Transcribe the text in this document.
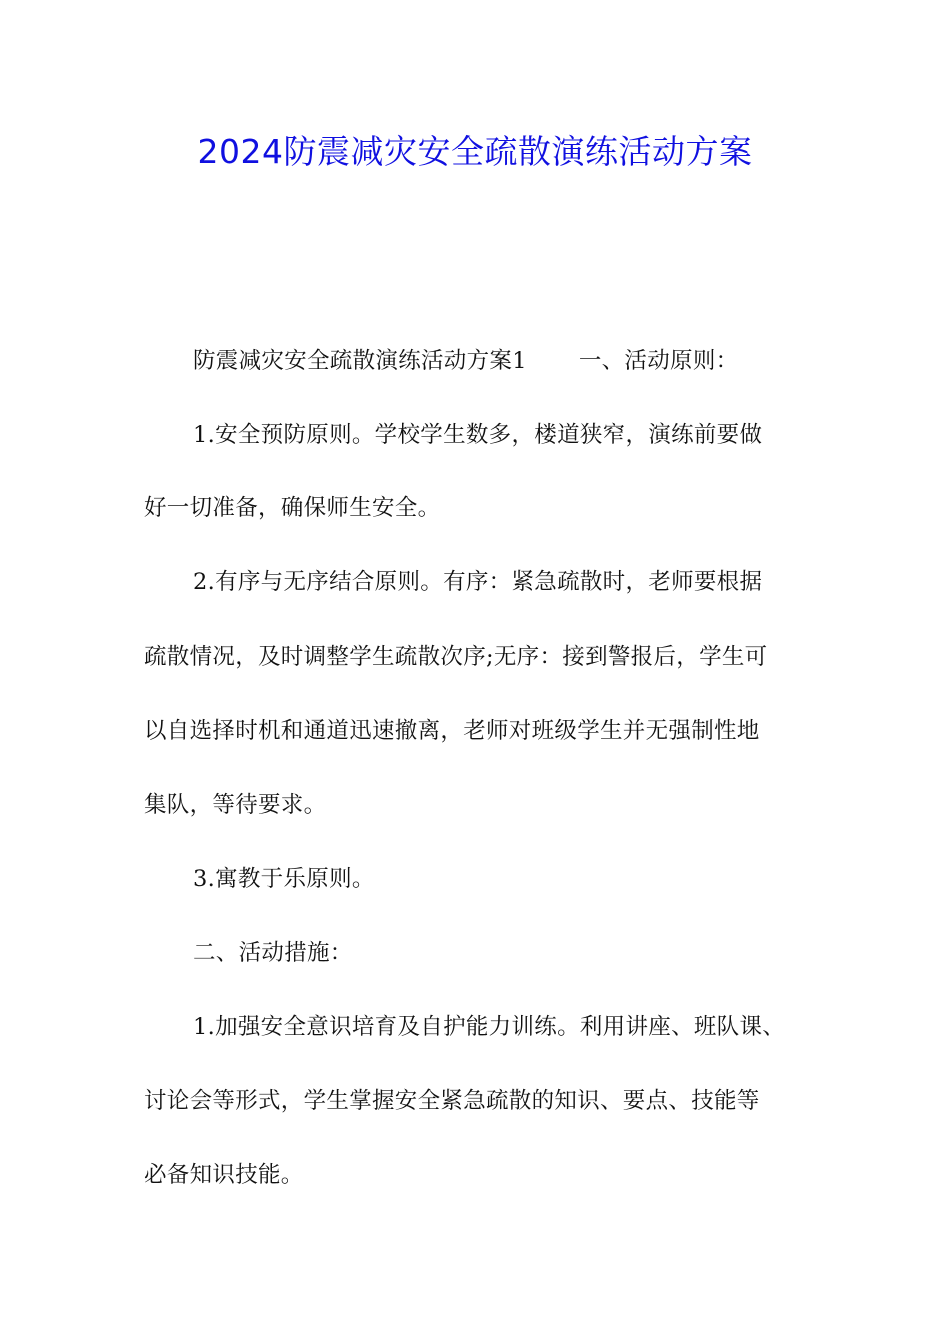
2024防震减灾安全疏散演练活动方案
防震减灾安全疏散演练活动方案1 一、活动原则：
1.安全预防原则。学校学生数多，楼道狭窄，演练前要做
好一切准备，确保师生安全。
2.有序与无序结合原则。有序：紧急疏散时，老师要根据
疏散情况，及时调整学生疏散次序;无序：接到警报后，学生可
以自选择时机和通道迅速撤离，老师对班级学生并无强制性地
集队，等待要求。
3.寓教于乐原则。
二、活动措施：
1.加强安全意识培育及自护能力训练。利用讲座、班队课、
讨论会等形式，学生掌握安全紧急疏散的知识、要点、技能等
必备知识技能。
